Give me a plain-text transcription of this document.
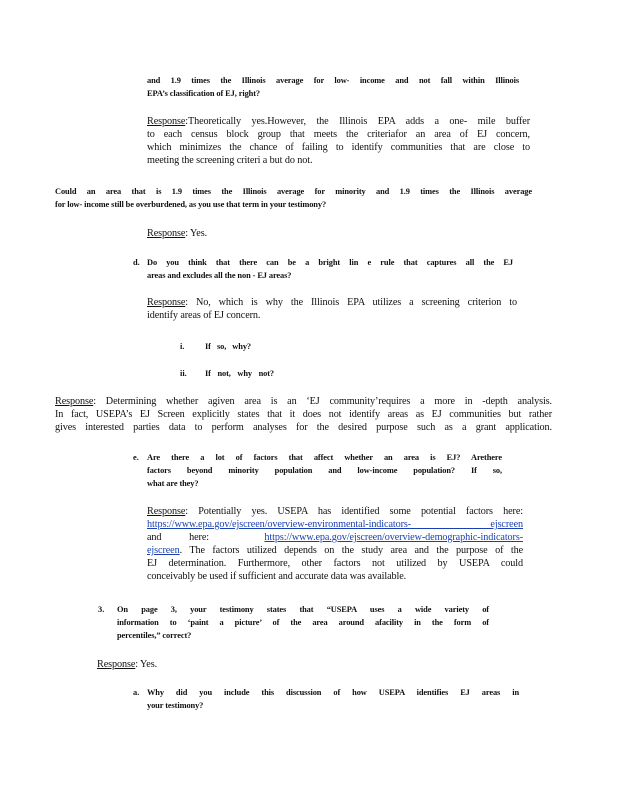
and 1.9 times the Illinois average for low- income and not fall within Illinois
EPA’s classification of EJ, right?
Response:Theoretically yes.However, the Illinois EPA adds a one- mile buffer
to each census block group that meets the criteriafor an area of EJ concern,
which minimizes the chance of failing to identify communities that are close to
meeting the screening criteri a but do not.
Could an area that is 1.9 times the Illinois average for minority and 1.9 times the Illinois average
for low- income still be overburdened, as you use that term in your testimony?
Response: Yes.
d. Do you think that there can be a bright lin e rule that captures all the EJ
areas and excludes all the non - EJ areas?
Response: No, which is why the Illinois EPA utilizes a screening criterion to
identify areas of EJ concern.
i. If so, why?
ii. If not, why not?
Response: Determining whether agiven area is an ‘EJ community’requires a more in -depth analysis.
In fact, USEPA’s EJ Screen explicitly states that it does not identify areas as EJ communities but rather
gives interested parties data to perform analyses for the desired purpose such as a grant application.
e. Are there a lot of factors that affect whether an area is EJ? Arethere
factors beyond minority population and low-income population? If so,
what are they?
Response: Potentially yes. USEPA has identified some potential factors here:
https://www.epa.gov/ejscreen/overview-environmental-indicators- ejscreen
and here:	https://www.epa.gov/ejscreen/overview-demographic-indicators-
ejscreen. The factors utilized depends on the study area and the purpose of the
EJ determination. Furthermore, other factors not utilized by USEPA could
conceivably be used if sufficient and accurate data was available.
3. On page 3, your testimony states that “USEPA uses a wide variety of
information to ‘paint a picture’ of the area around afacility in the form of
percentiles,” correct?
Response: Yes.
a. Why did you include this discussion of how USEPA identifies EJ areas in
your testimony?
